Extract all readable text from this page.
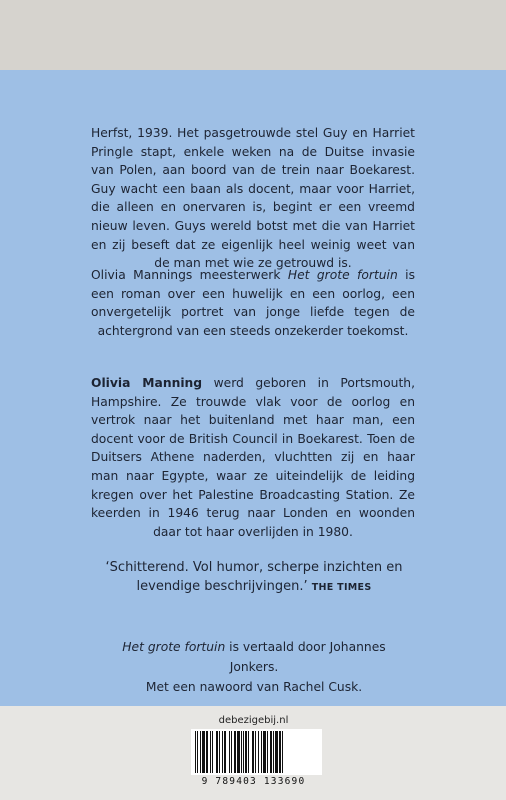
Herfst, 1939. Het pasgetrouwde stel Guy en Harriet Pringle stapt, enkele weken na de Duitse invasie van Polen, aan boord van de trein naar Boekarest. Guy wacht een baan als docent, maar voor Harriet, die alleen en onervaren is, begint er een vreemd nieuw leven. Guys wereld botst met die van Harriet en zij beseft dat ze eigenlijk heel weinig weet van de man met wie ze getrouwd is.
Olivia Mannings meesterwerk Het grote fortuin is een roman over een huwelijk en een oorlog, een onvergetelijk portret van jonge liefde tegen de achtergrond van een steeds onzekerder toekomst.
Olivia Manning werd geboren in Portsmouth, Hampshire. Ze trouwde vlak voor de oorlog en vertrok naar het buitenland met haar man, een docent voor de British Council in Boekarest. Toen de Duitsers Athene naderden, vluchtten zij en haar man naar Egypte, waar ze uiteindelijk de leiding kregen over het Palestine Broadcasting Station. Ze keerden in 1946 terug naar Londen en woonden daar tot haar overlijden in 1980.
‘Schitterend. Vol humor, scherpe inzichten en levendige beschrijvingen.’ THE TIMES
Het grote fortuin is vertaald door Johannes Jonkers.
Met een nawoord van Rachel Cusk.
debezigebij.nl
9 789403 133690
